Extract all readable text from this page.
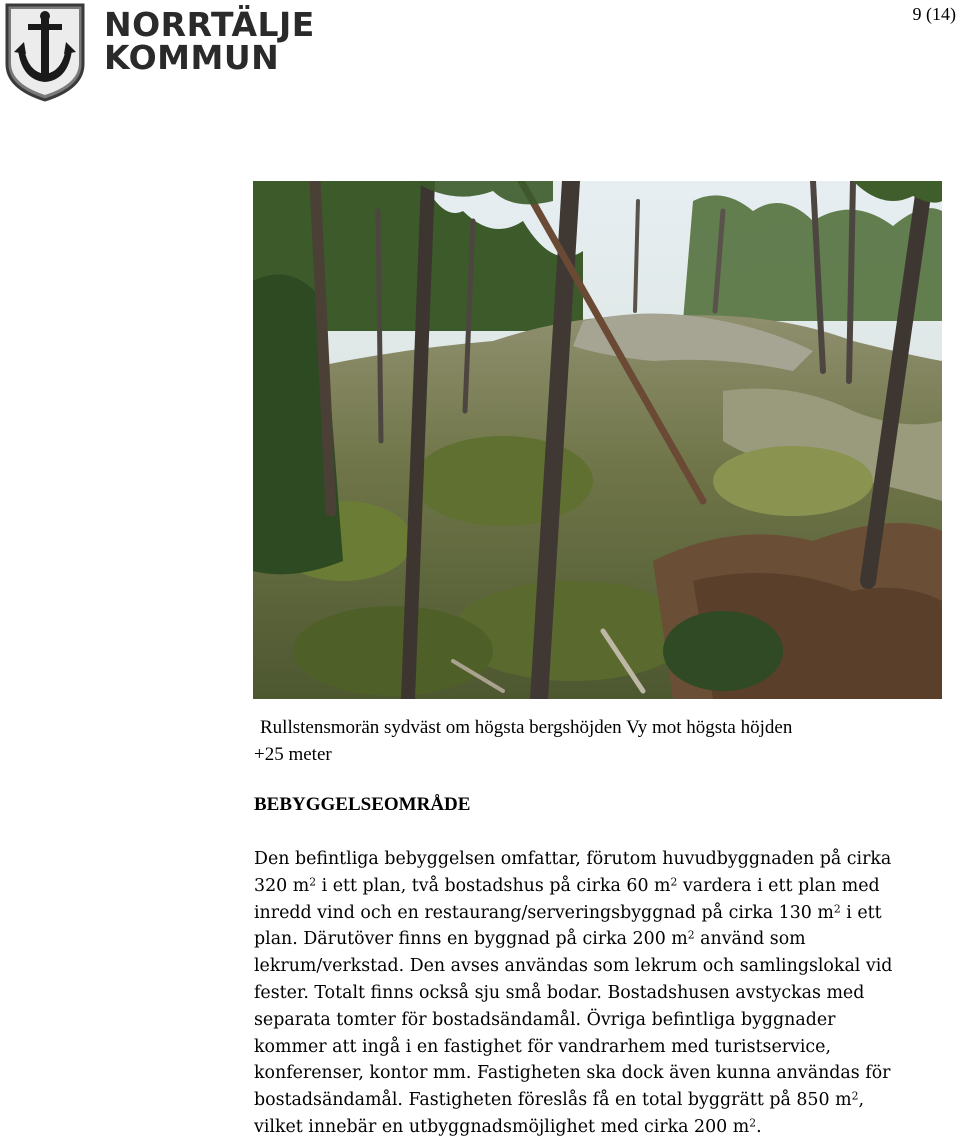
NORRTÄLJE
KOMMUN
9 (14)
Rullstensmorän sydväst om högsta bergshöjden Vy mot högsta höjden
+25 meter
BEBYGGELSEOMRÅDE
Den befintliga bebyggelsen omfattar, förutom huvudbyggnaden på cirka
320 $m^2$ i ett plan, två bostadshus på cirka 60 $m^2$ vardera i ett plan med
inredd vind och en restaurang/serveringsbyggnad på cirka 130 $m^2$ i ett
plan. Därutöver finns en byggnad på cirka 200 $m^2$ använd som
lekrum/verkstad. Den avses användas som lekrum och samlingslokal vid
fester. Totalt finns också sju små bodar. Bostadshusen avstyckas med
separata tomter för bostadsändamål. Övriga befintliga byggnader
kommer att ingå i en fastighet för vandrarhem med turistservice,
konferenser, kontor mm. Fastigheten ska dock även kunna användas för
bostadsändamål. Fastigheten föreslås få en total byggrätt på 850 $m^2$,
vilket innebär en utbyggnadsmöjlighet med cirka 200 $m^2$.
